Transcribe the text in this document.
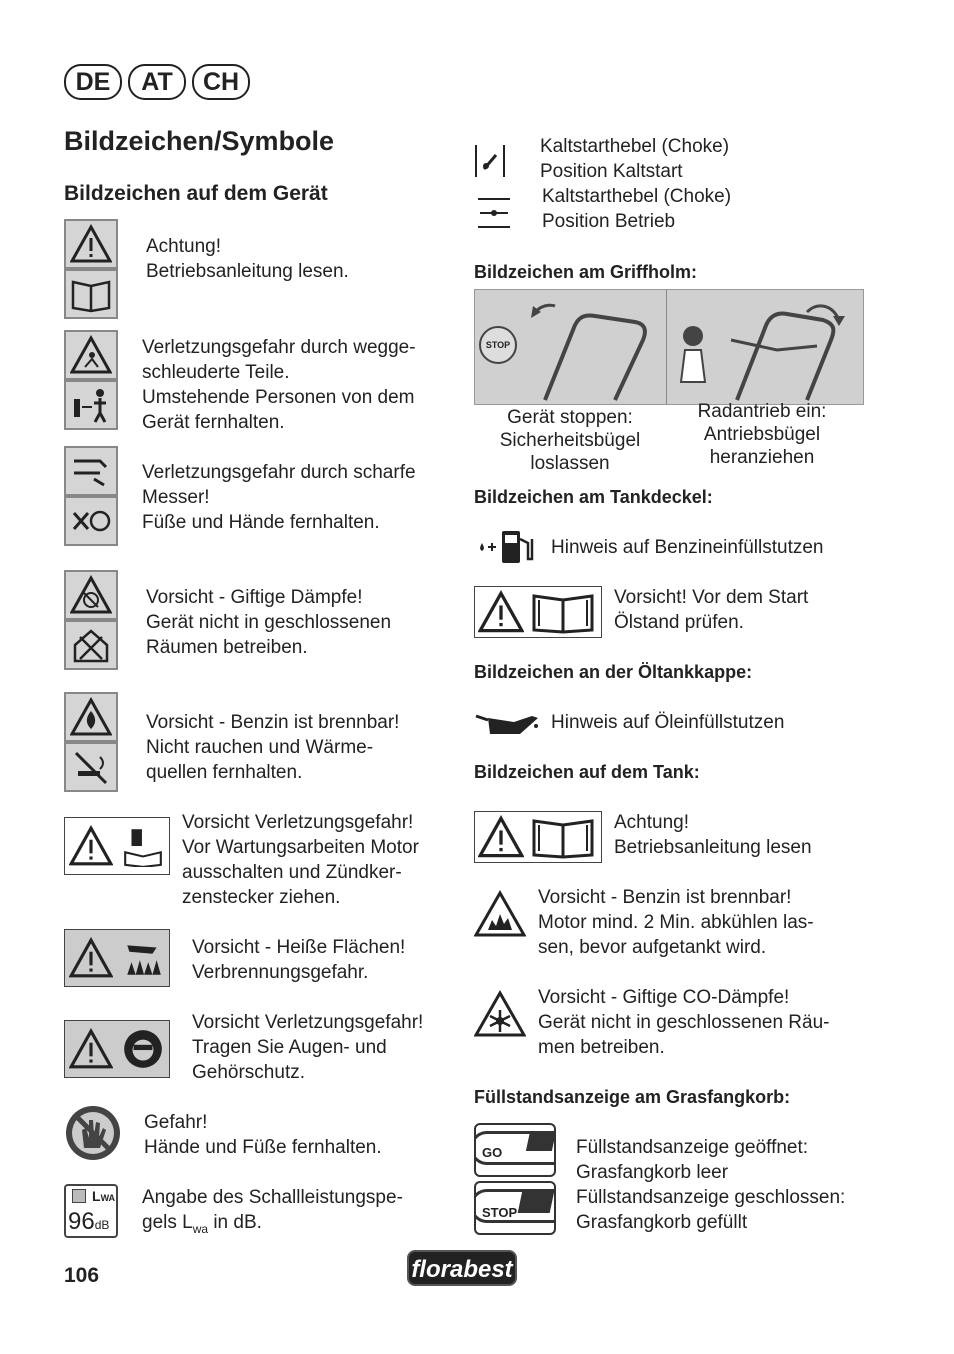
DE	AT	CH
Bildzeichen/Symbole
Bildzeichen auf dem Gerät
Achtung!
Betriebsanleitung lesen.
Verletzungsgefahr durch wegge-
schleuderte Teile.
Umstehende Personen von dem
Gerät fernhalten.
Verletzungsgefahr durch scharfe
Messer!
Füße und Hände fernhalten.
Vorsicht - Giftige Dämpfe!
Gerät nicht in geschlossenen
Räumen betreiben.
Vorsicht - Benzin ist brennbar!
Nicht rauchen und Wärme-
quellen fernhalten.
Vorsicht Verletzungsgefahr!
Vor Wartungsarbeiten Motor
ausschalten und Zündker-
zenstecker ziehen.
Vorsicht - Heiße Flächen!
Verbrennungsgefahr.
Vorsicht Verletzungsgefahr!
Tragen Sie Augen- und
Gehörschutz.
Gefahr!
Hände und Füße fernhalten.
LWA
96dB
Angabe des Schallleistungspe-
gels $L_{wa}$ in dB.
Kaltstarthebel (Choke)
Position Kaltstart
Kaltstarthebel (Choke)
Position Betrieb
Bildzeichen am Griffholm:
STOP
Gerät stoppen:
Sicherheitsbügel
loslassen
Radantrieb ein:
Antriebsbügel
heranziehen
Bildzeichen am Tankdeckel:
Hinweis auf Benzineinfüllstutzen
Vorsicht! Vor dem Start
Ölstand prüfen.
Bildzeichen an der Öltankkappe:
Hinweis auf Öleinfüllstutzen
Bildzeichen auf dem Tank:
Achtung!
Betriebsanleitung lesen
Vorsicht - Benzin ist brennbar!
Motor mind. 2 Min. abkühlen las-
sen, bevor aufgetankt wird.
Vorsicht - Giftige CO-Dämpfe!
Gerät nicht in geschlossenen Räu-
men betreiben.
Füllstandsanzeige am Grasfangkorb:
GO
STOP
Füllstandsanzeige geöffnet:
Grasfangkorb leer
Füllstandsanzeige geschlossen:
Grasfangkorb gefüllt
106	florabest
